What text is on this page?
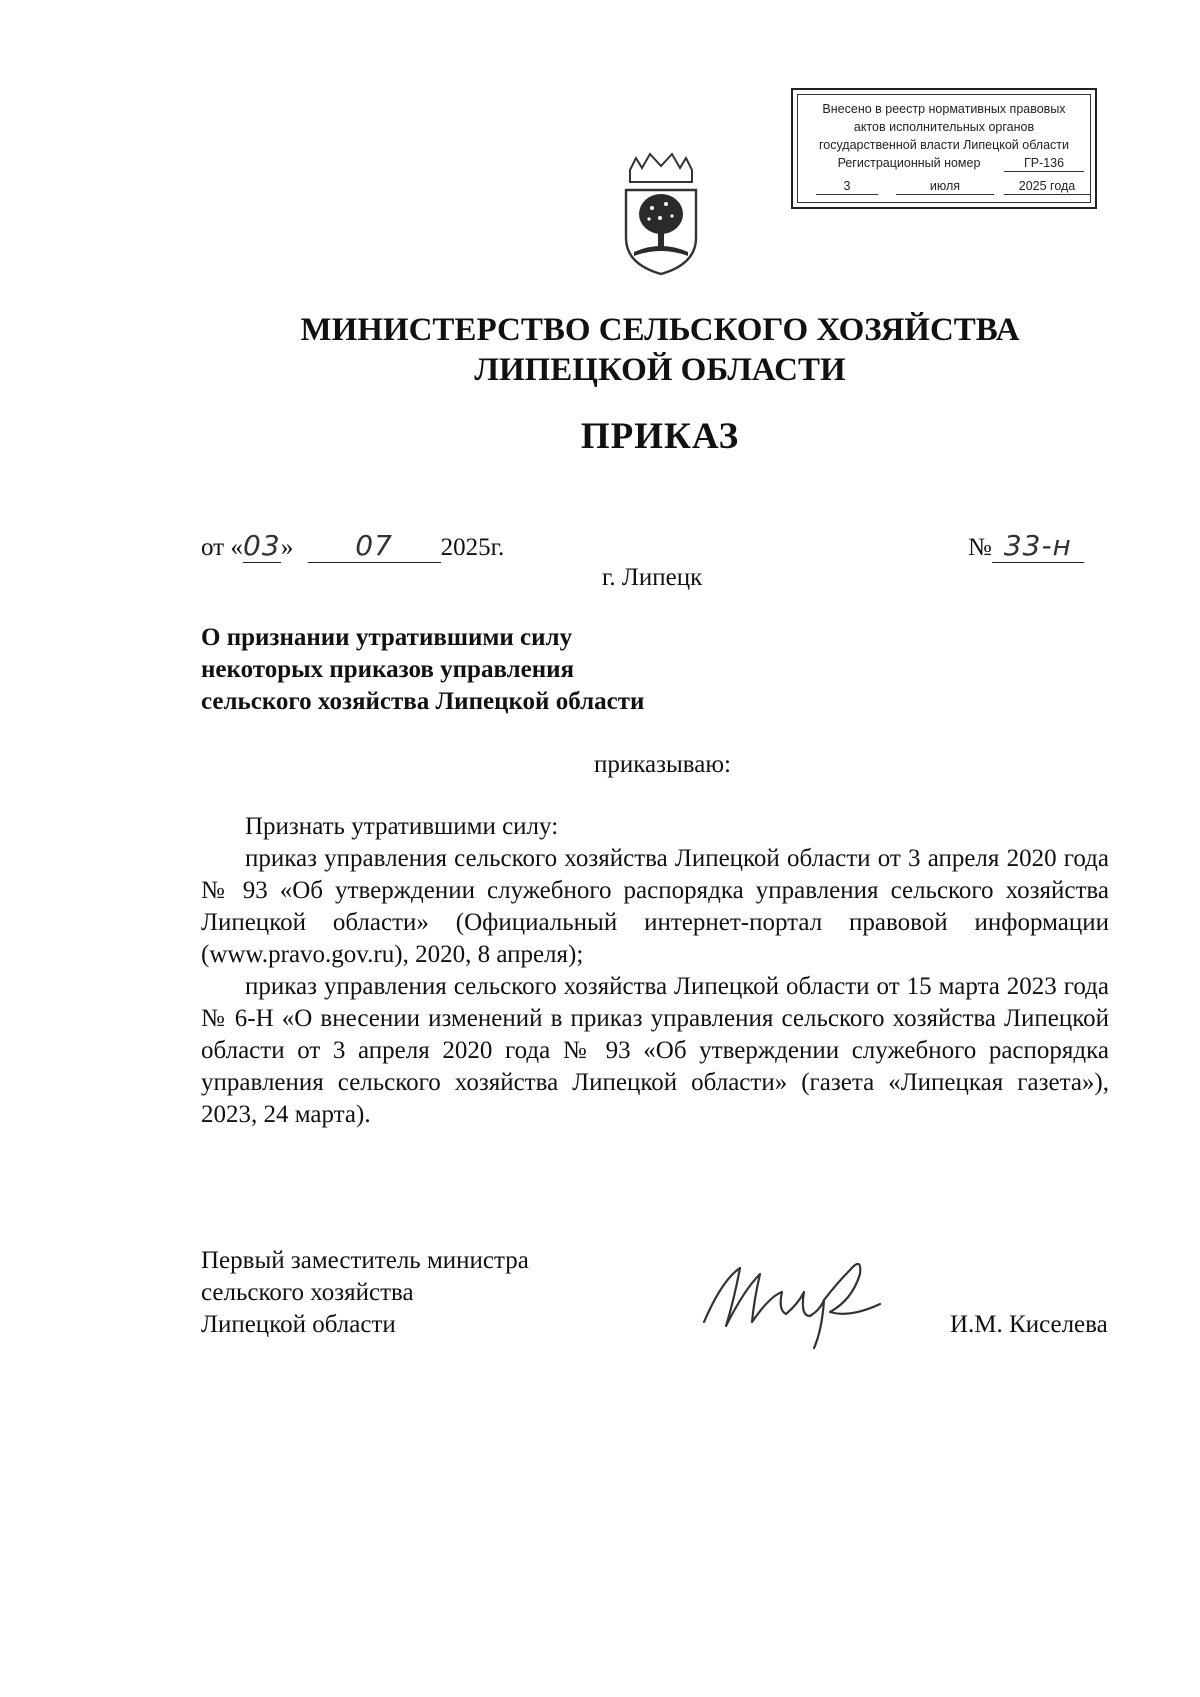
Внесено в реестр нормативных правовых
актов исполнительных органов
государственной власти Липецкой области
Регистрационный номер	ГР-136
3	июля	2025 года
МИНИСТЕРСТВО СЕЛЬСКОГО ХОЗЯЙСТВА
ЛИПЕЦКОЙ ОБЛАСТИ
ПРИКАЗ
от «03» 07 2025г.	№ 33-н
г. Липецк
О признании утратившими силу
некоторых приказов управления
сельского хозяйства Липецкой области
приказываю:
Признать утратившими силу:
приказ управления сельского хозяйства Липецкой области от 3 апреля 2020 года № 93 «Об утверждении служебного распорядка управления сельского хозяйства Липецкой области» (Официальный интернет-портал правовой информации (www.pravo.gov.ru), 2020, 8 апреля);
приказ управления сельского хозяйства Липецкой области от 15 марта 2023 года № 6-Н «О внесении изменений в приказ управления сельского хозяйства Липецкой области от 3 апреля 2020 года № 93 «Об утверждении служебного распорядка управления сельского хозяйства Липецкой области» (газета «Липецкая газета»), 2023, 24 марта).
Первый заместитель министра
сельского хозяйства
Липецкой области	И.М. Киселева
